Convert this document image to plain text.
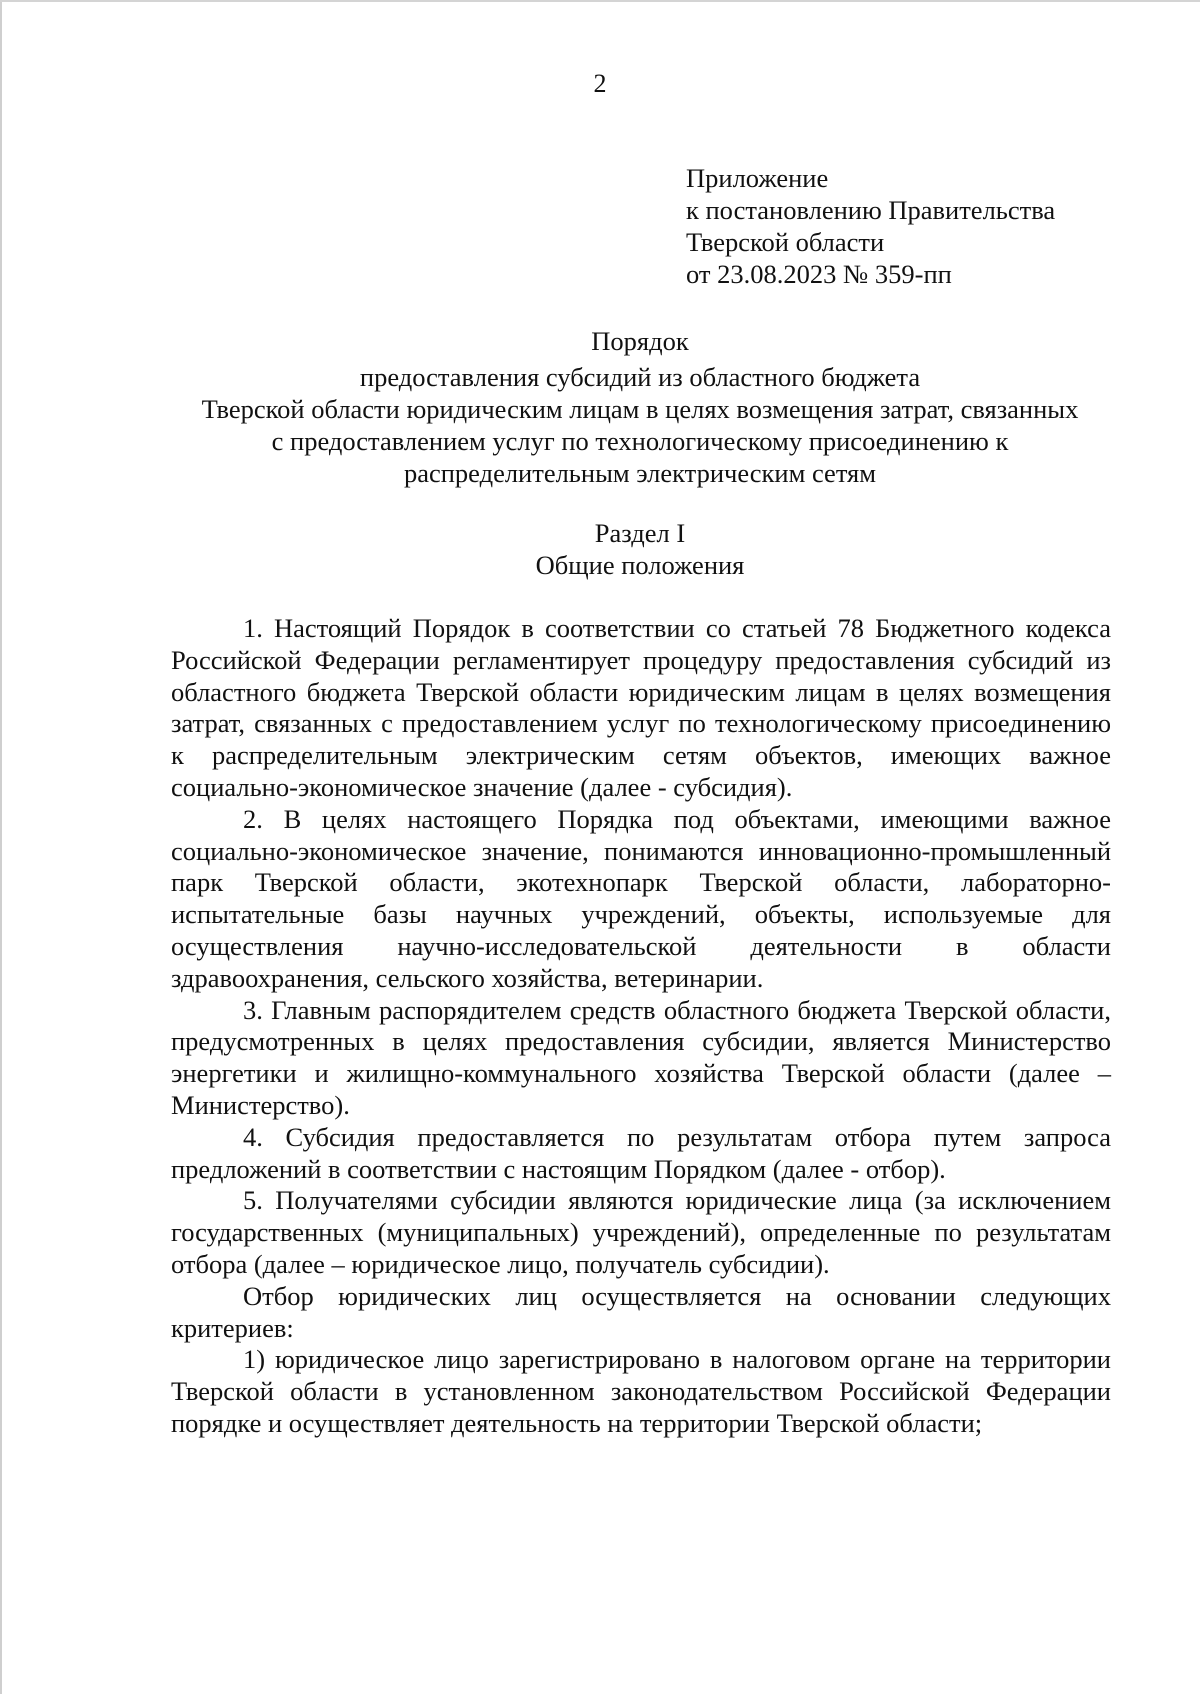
2
Приложение
к постановлению Правительства
Тверской области
от 23.08.2023 № 359-пп
Порядок
предоставления субсидий из областного бюджета
Тверской области юридическим лицам в целях возмещения затрат, связанных
с предоставлением услуг по технологическому присоединению к
распределительным электрическим сетям
Раздел I
Общие положения

1. Настоящий Порядок в соответствии со статьей 78 Бюджетного кодекса Российской Федерации регламентирует процедуру предоставления субсидий из областного бюджета Тверской области юридическим лицам в целях возмещения затрат, связанных с предоставлением услуг по технологическому присоединению к распределительным электрическим сетям объектов, имеющих важное социально-экономическое значение (далее - субсидия).

2. В целях настоящего Порядка под объектами, имеющими важное социально-экономическое значение, понимаются инновационно-промышленный парк Тверской области, экотехнопарк Тверской области, лабораторно-испытательные базы научных учреждений, объекты, используемые для осуществления научно-исследовательской деятельности в области здравоохранения, сельского хозяйства, ветеринарии.

3. Главным распорядителем средств областного бюджета Тверской области, предусмотренных в целях предоставления субсидии, является Министерство энергетики и жилищно-коммунального хозяйства Тверской области (далее – Министерство).

4. Субсидия предоставляется по результатам отбора путем запроса предложений в соответствии с настоящим Порядком (далее - отбор).

5. Получателями субсидии являются юридические лица (за исключением государственных (муниципальных) учреждений), определенные по результатам отбора (далее – юридическое лицо, получатель субсидии).

Отбор юридических лиц осуществляется на основании следующих критериев:

1) юридическое лицо зарегистрировано в налоговом органе на территории Тверской области в установленном законодательством Российской Федерации порядке и осуществляет деятельность на территории Тверской области;
